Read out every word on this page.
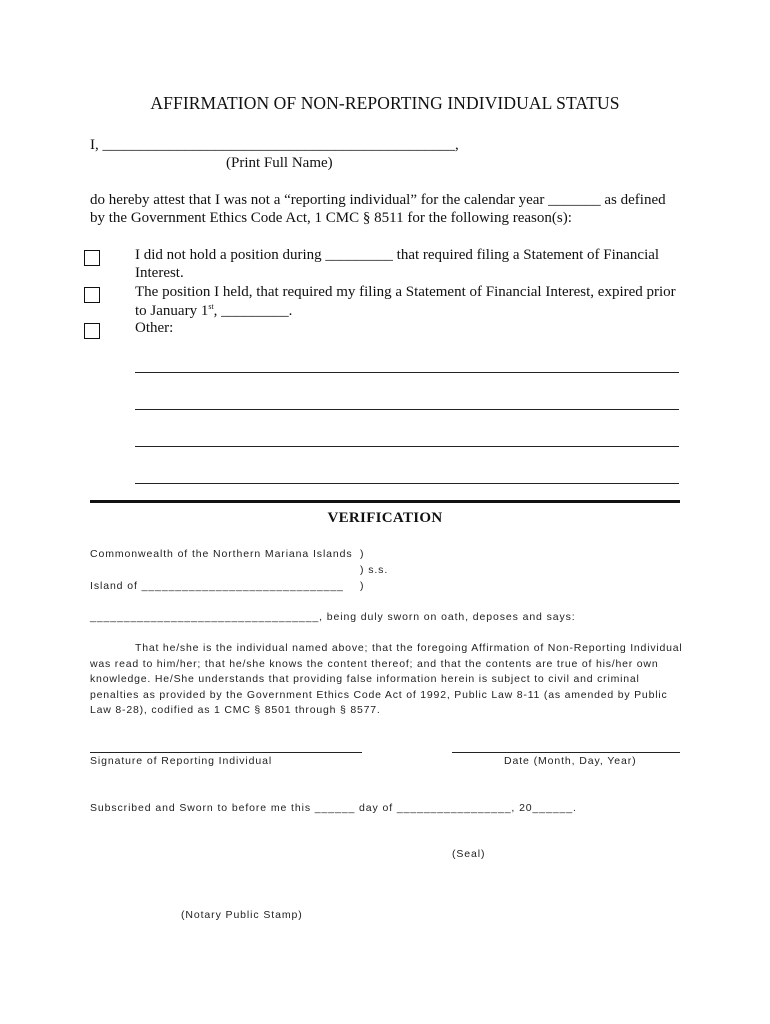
AFFIRMATION OF NON-REPORTING INDIVIDUAL STATUS
I, _______________________________________________,
(Print Full Name)
do hereby attest that I was not a “reporting individual” for the calendar year _______ as defined
by the Government Ethics Code Act, 1 CMC § 8511 for the following reason(s):
I did not hold a position during _________ that required filing a Statement of Financial
Interest.
The position I held, that required my filing a Statement of Financial Interest, expired prior
to January 1st, _________.
Other:
VERIFICATION
Commonwealth of the Northern Mariana Islands
Island of ______________________________
)
) s.s.
)
__________________________________, being duly sworn on oath, deposes and says:

That he/she is the individual named above; that the foregoing Affirmation of Non-Reporting Individual was read to him/her; that he/she knows the content thereof; and that the contents are true of his/her own knowledge. He/She understands that providing false information herein is subject to civil and criminal penalties as provided by the Government Ethics Code Act of 1992, Public Law 8-11 (as amended by Public Law 8-28), codified as 1 CMC § 8501 through § 8577.

Signature of Reporting Individual	Date (Month, Day, Year)
Subscribed and Sworn to before me this ______ day of _________________, 20______.
(Seal)
(Notary Public Stamp)
